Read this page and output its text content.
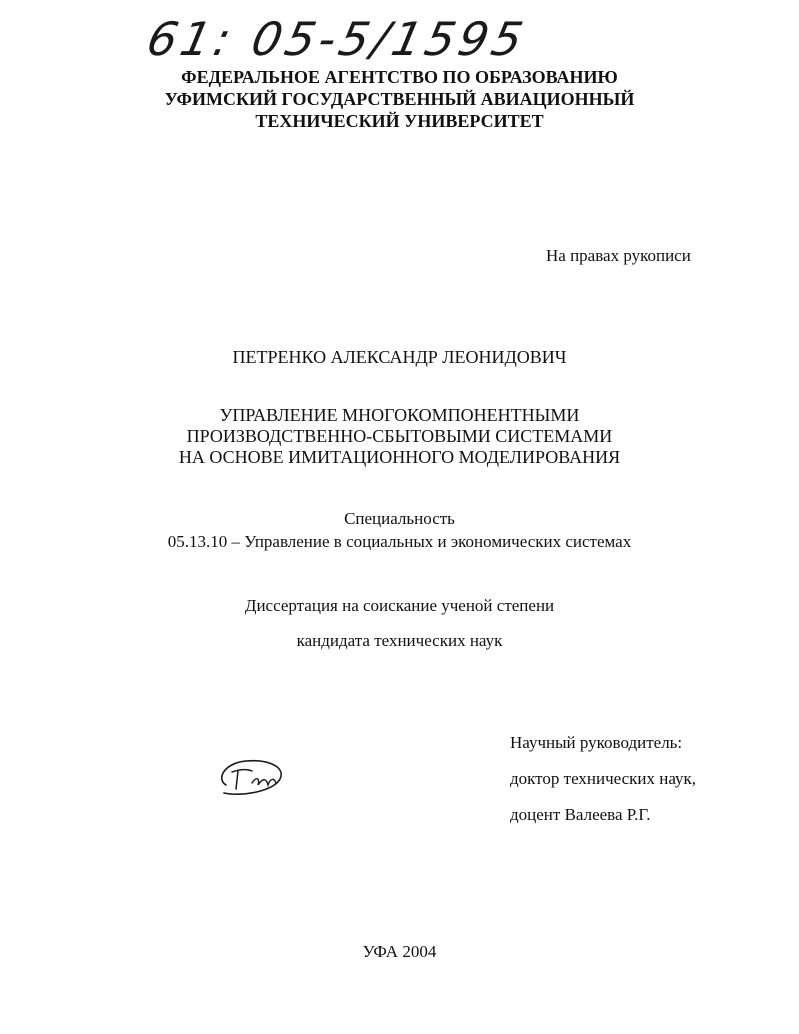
61: 05-5/1595
ФЕДЕРАЛЬНОЕ АГЕНТСТВО ПО ОБРАЗОВАНИЮ
УФИМСКИЙ ГОСУДАРСТВЕННЫЙ АВИАЦИОННЫЙ
ТЕХНИЧЕСКИЙ УНИВЕРСИТЕТ
На правах рукописи
ПЕТРЕНКО АЛЕКСАНДР ЛЕОНИДОВИЧ
УПРАВЛЕНИЕ МНОГОКОМПОНЕНТНЫМИ
ПРОИЗВОДСТВЕННО-СБЫТОВЫМИ СИСТЕМАМИ
НА ОСНОВЕ ИМИТАЦИОННОГО МОДЕЛИРОВАНИЯ
Специальность
05.13.10 – Управление в социальных и экономических системах
Диссертация на соискание ученой степени
кандидата технических наук
Научный руководитель:
доктор технических наук,
доцент Валеева Р.Г.
УФА 2004
